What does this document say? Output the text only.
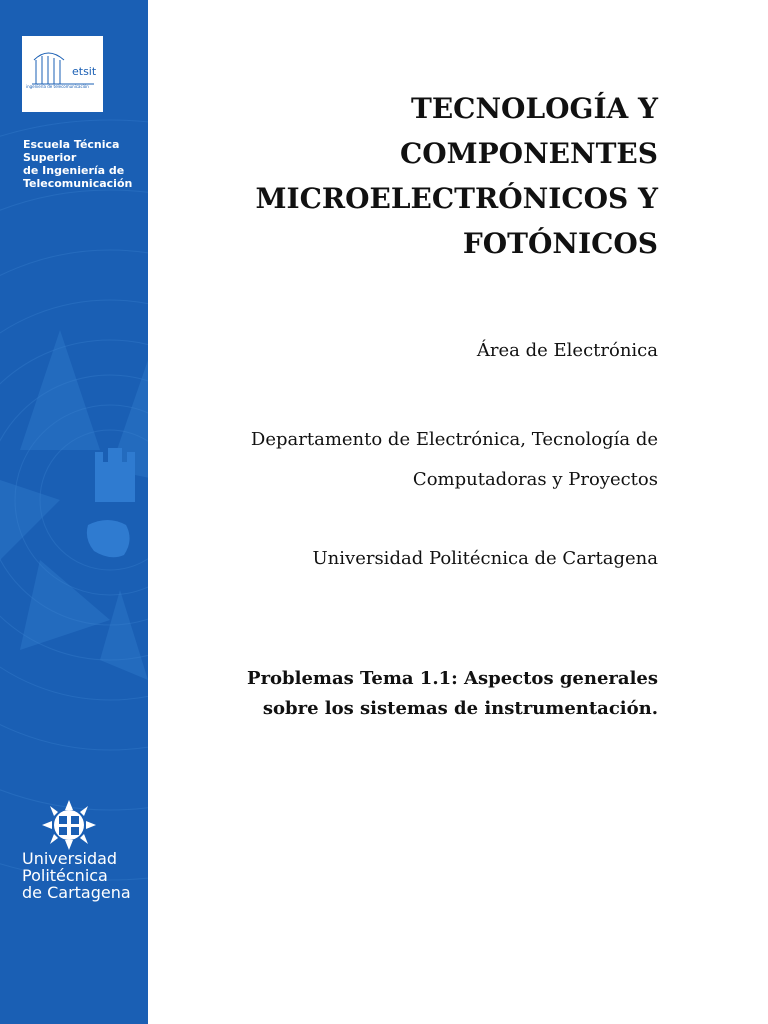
etsit
ingeniería de telecomunicación
Escuela Técnica
Superior
de Ingeniería de
Telecomunicación
Universidad
Politécnica
de Cartagena
TECNOLOGÍA Y
COMPONENTES
MICROELECTRÓNICOS Y
FOTÓNICOS
Área de Electrónica
Departamento de Electrónica, Tecnología de
Computadoras y Proyectos
Universidad Politécnica de Cartagena
Problemas Tema 1.1: Aspectos generales
sobre los sistemas de instrumentación.
